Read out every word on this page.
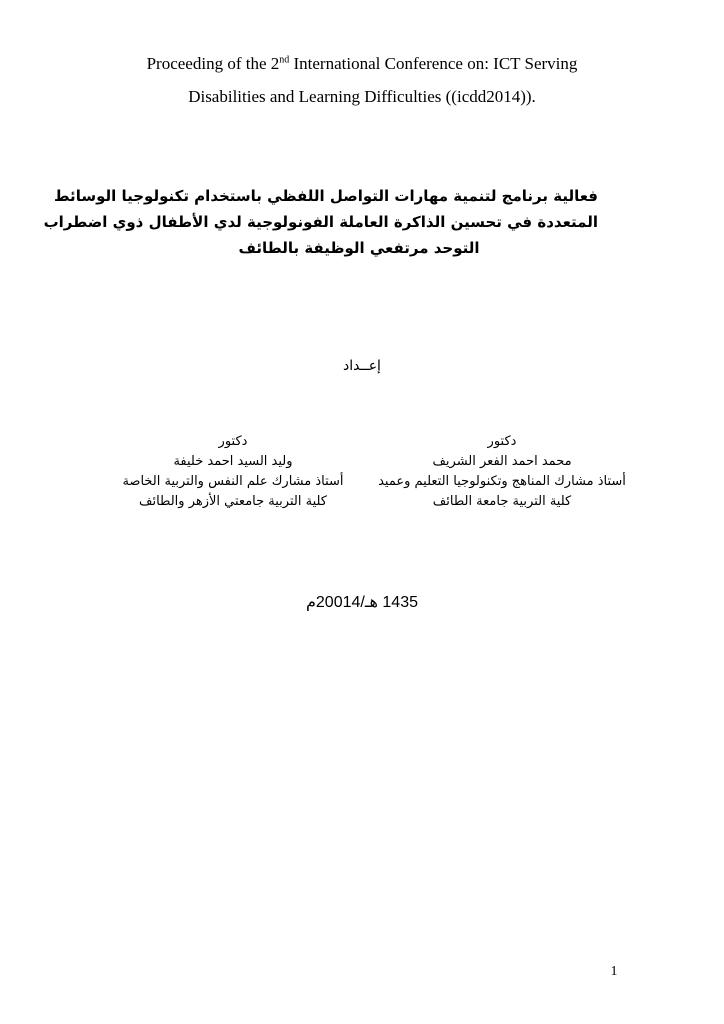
Proceeding of the 2nd International Conference on: ICT Serving
Disabilities and Learning Difficulties ((icdd2014)).
فعالية برنامج لتنمية مهارات التواصل اللفظي باستخدام تكنولوجيا الوسائط
المتعددة في تحسين الذاكرة العاملة الفونولوجية لدي الأطفال ذوي اضطراب
التوحد مرتفعي الوظيفة بالطائف
إعــداد
دكتور
محمد احمد الفعر الشريف
أستاذ مشارك المناهج وتكنولوجيا التعليم وعميد
كلية التربية جامعة الطائف
دكتور
وليد السيد احمد خليفة
أستاذ مشارك علم النفس والتربية الخاصة
كلية التربية جامعتي الأزهر والطائف
1435 هـ/20014م
1
